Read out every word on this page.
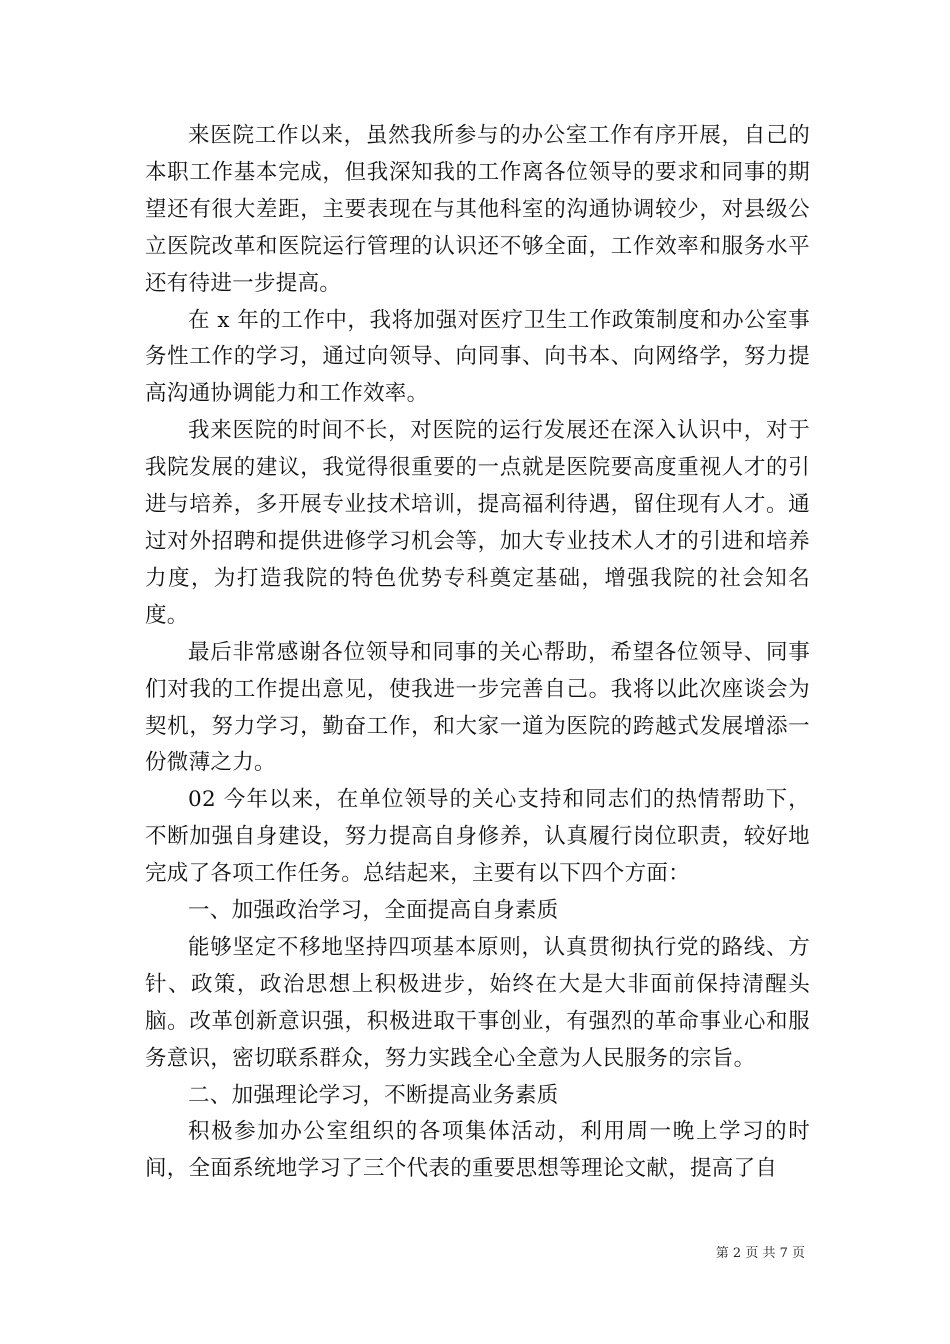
来医院工作以来，虽然我所参与的办公室工作有序开展，自己的本职工作基本完成，但我深知我的工作离各位领导的要求和同事的期望还有很大差距，主要表现在与其他科室的沟通协调较少，对县级公立医院改革和医院运行管理的认识还不够全面，工作效率和服务水平还有待进一步提高。

在 x 年的工作中，我将加强对医疗卫生工作政策制度和办公室事务性工作的学习，通过向领导、向同事、向书本、向网络学，努力提高沟通协调能力和工作效率。

我来医院的时间不长，对医院的运行发展还在深入认识中，对于我院发展的建议，我觉得很重要的一点就是医院要高度重视人才的引进与培养，多开展专业技术培训，提高福利待遇，留住现有人才。通过对外招聘和提供进修学习机会等，加大专业技术人才的引进和培养力度，为打造我院的特色优势专科奠定基础，增强我院的社会知名度。

最后非常感谢各位领导和同事的关心帮助，希望各位领导、同事们对我的工作提出意见，使我进一步完善自己。我将以此次座谈会为契机，努力学习，勤奋工作，和大家一道为医院的跨越式发展增添一份微薄之力。

02 今年以来，在单位领导的关心支持和同志们的热情帮助下，不断加强自身建设，努力提高自身修养，认真履行岗位职责，较好地完成了各项工作任务。总结起来，主要有以下四个方面：

一、加强政治学习，全面提高自身素质

能够坚定不移地坚持四项基本原则，认真贯彻执行党的路线、方针、政策，政治思想上积极进步，始终在大是大非面前保持清醒头脑。改革创新意识强，积极进取干事创业，有强烈的革命事业心和服务意识，密切联系群众，努力实践全心全意为人民服务的宗旨。

二、加强理论学习，不断提高业务素质

积极参加办公室组织的各项集体活动，利用周一晚上学习的时间，全面系统地学习了三个代表的重要思想等理论文献，提高了自

第 2 页 共 7 页
